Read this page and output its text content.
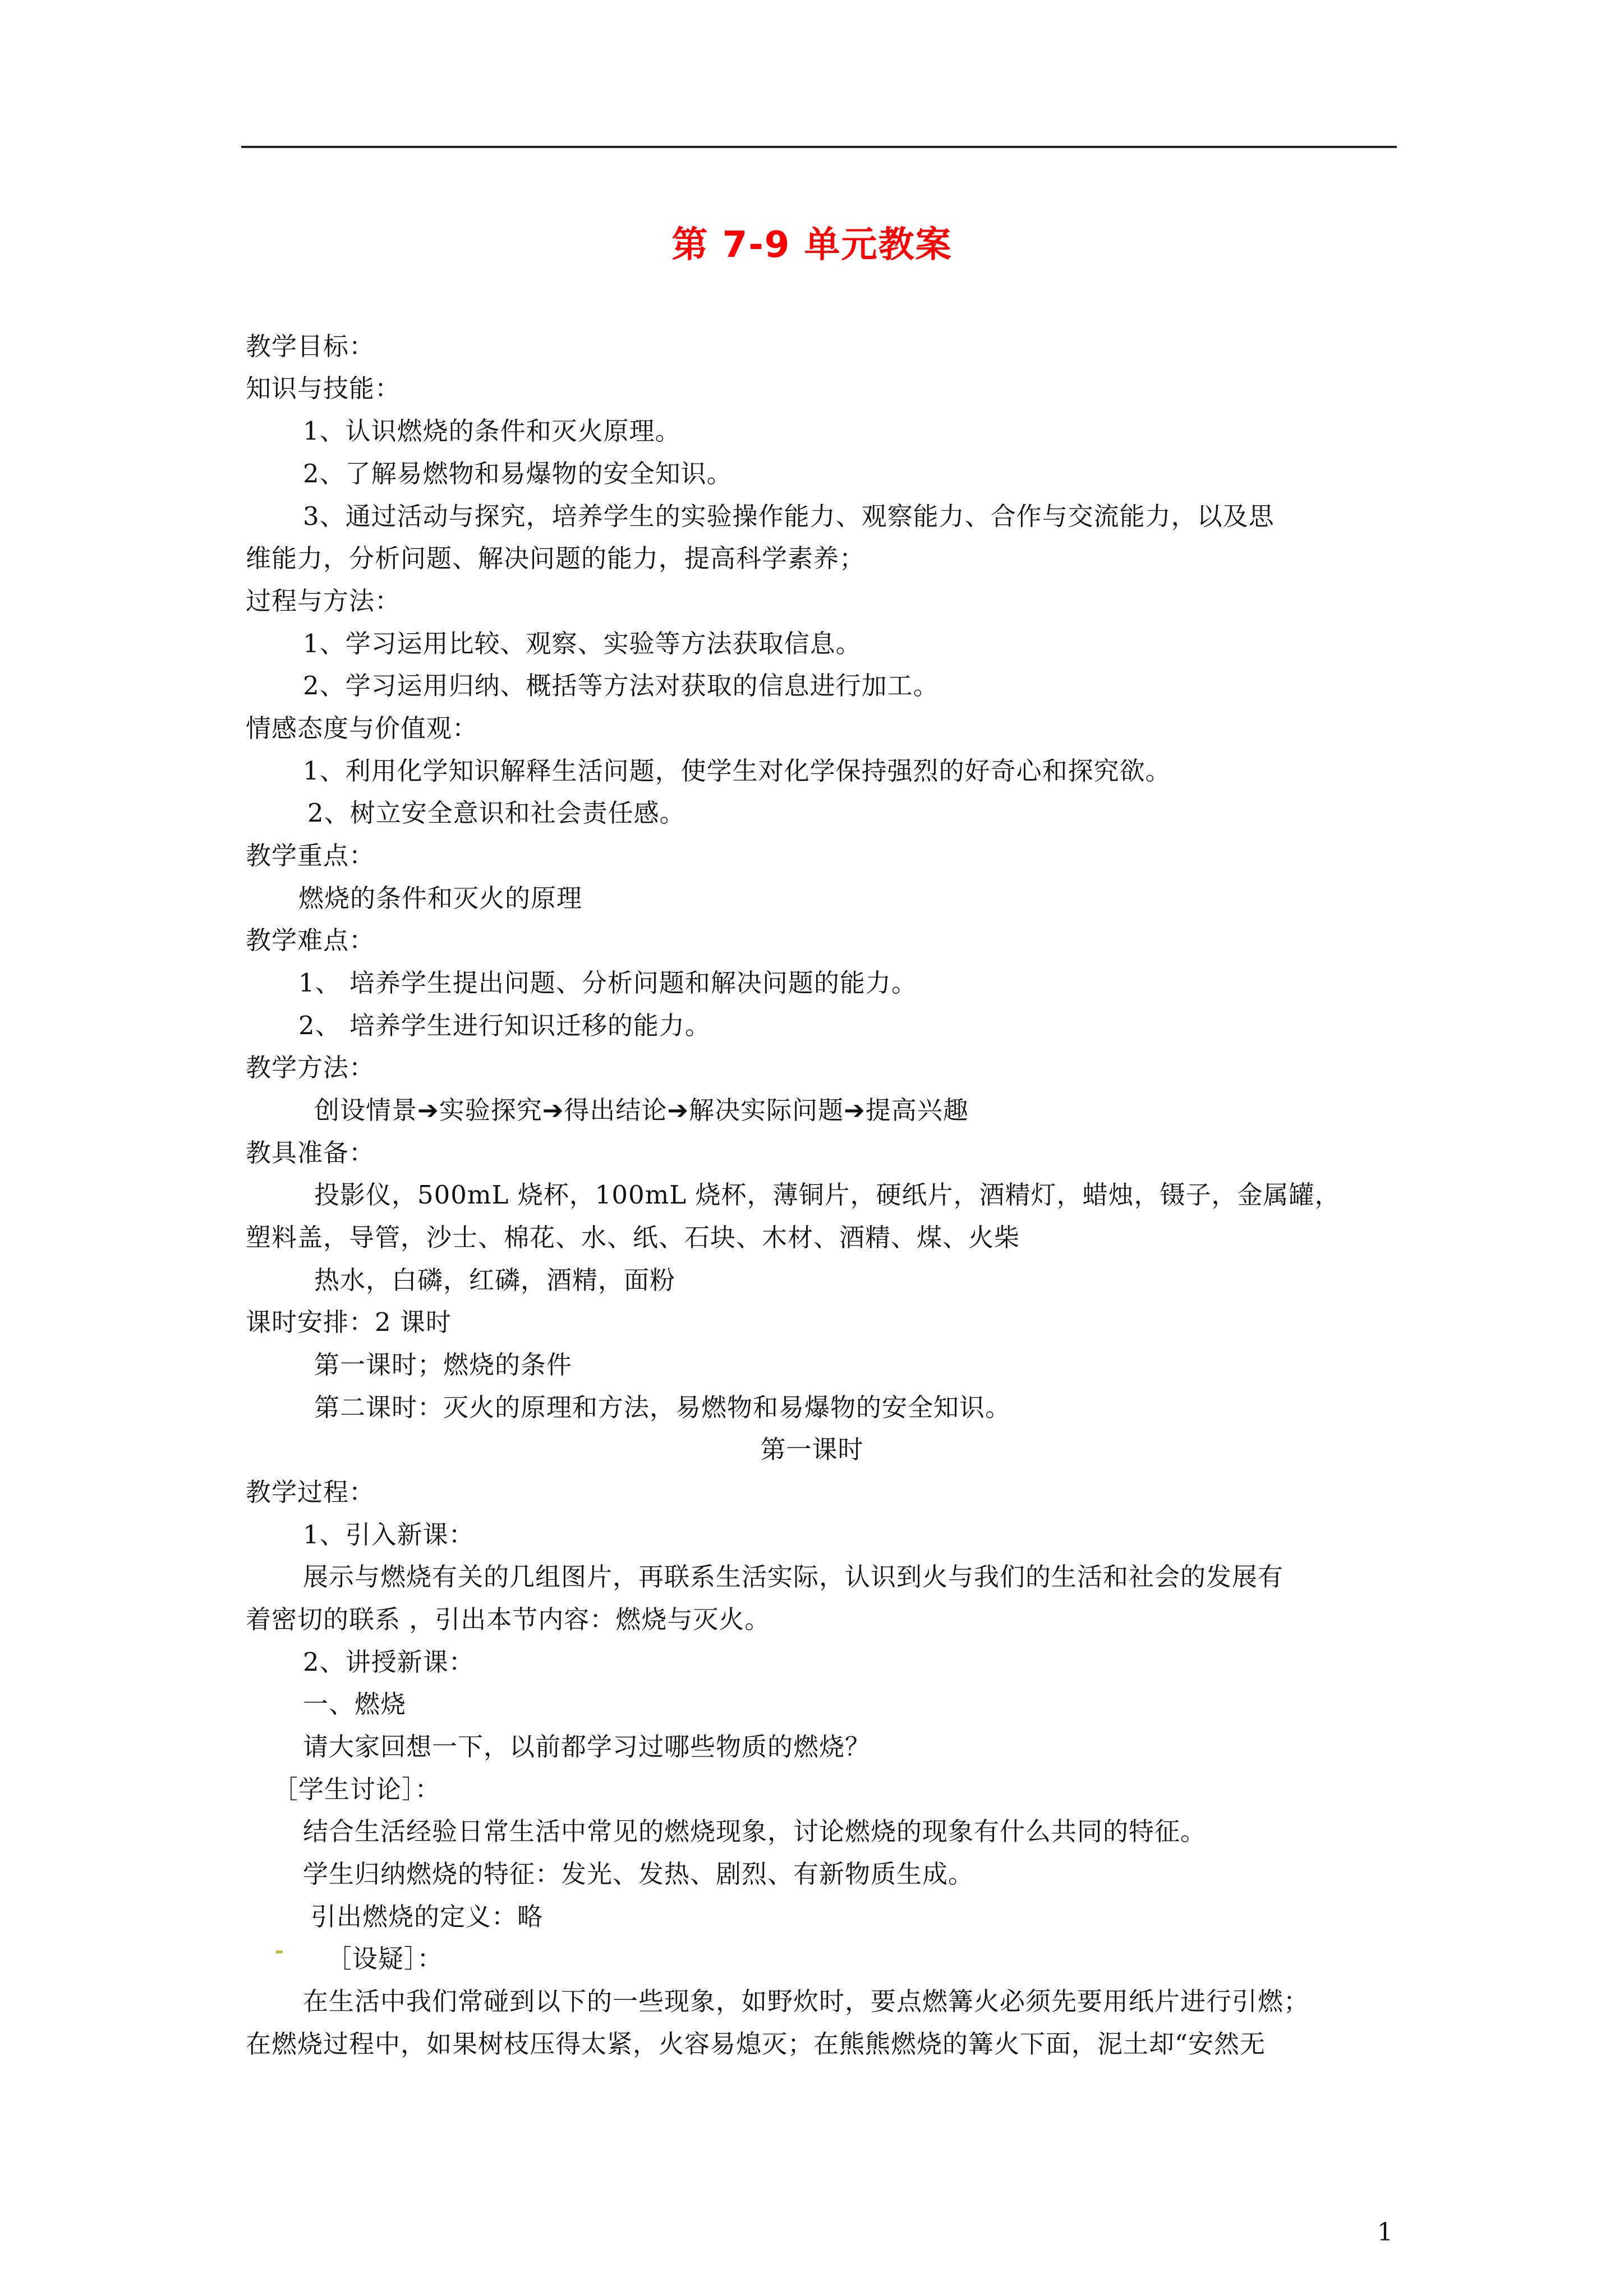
第 7-9 单元教案
教学目标：
知识与技能：
1、认识燃烧的条件和灭火原理。
2、了解易燃物和易爆物的安全知识。
3、通过活动与探究，培养学生的实验操作能力、观察能力、合作与交流能力，以及思
维能力，分析问题、解决问题的能力，提高科学素养；
过程与方法：
1、学习运用比较、观察、实验等方法获取信息。
2、学习运用归纳、概括等方法对获取的信息进行加工。
情感态度与价值观：
1、利用化学知识解释生活问题，使学生对化学保持强烈的好奇心和探究欲。
2、树立安全意识和社会责任感。
教学重点：
燃烧的条件和灭火的原理
教学难点：
1、 培养学生提出问题、分析问题和解决问题的能力。
2、 培养学生进行知识迁移的能力。
教学方法：
创设情景➔实验探究➔得出结论➔解决实际问题➔提高兴趣
教具准备：
投影仪，500mL 烧杯，100mL 烧杯，薄铜片，硬纸片，酒精灯，蜡烛，镊子，金属罐，
塑料盖，导管，沙士、棉花、水、纸、石块、木材、酒精、煤、火柴
热水，白磷，红磷，酒精，面粉
课时安排：2 课时
第一课时；燃烧的条件
第二课时：灭火的原理和方法，易燃物和易爆物的安全知识。
第一课时
教学过程：
1、引入新课：
展示与燃烧有关的几组图片，再联系生活实际，认识到火与我们的生活和社会的发展有
着密切的联系 ，引出本节内容：燃烧与灭火。
2、讲授新课：
一、燃烧
请大家回想一下，以前都学习过哪些物质的燃烧？
［学生讨论］：
结合生活经验日常生活中常见的燃烧现象，讨论燃烧的现象有什么共同的特征。
学生归纳燃烧的特征：发光、发热、剧烈、有新物质生成。
引出燃烧的定义：略
［设疑］：
在生活中我们常碰到以下的一些现象，如野炊时，要点燃篝火必须先要用纸片进行引燃；
在燃烧过程中，如果树枝压得太紧，火容易熄灭；在熊熊燃烧的篝火下面，泥土却“安然无
1
